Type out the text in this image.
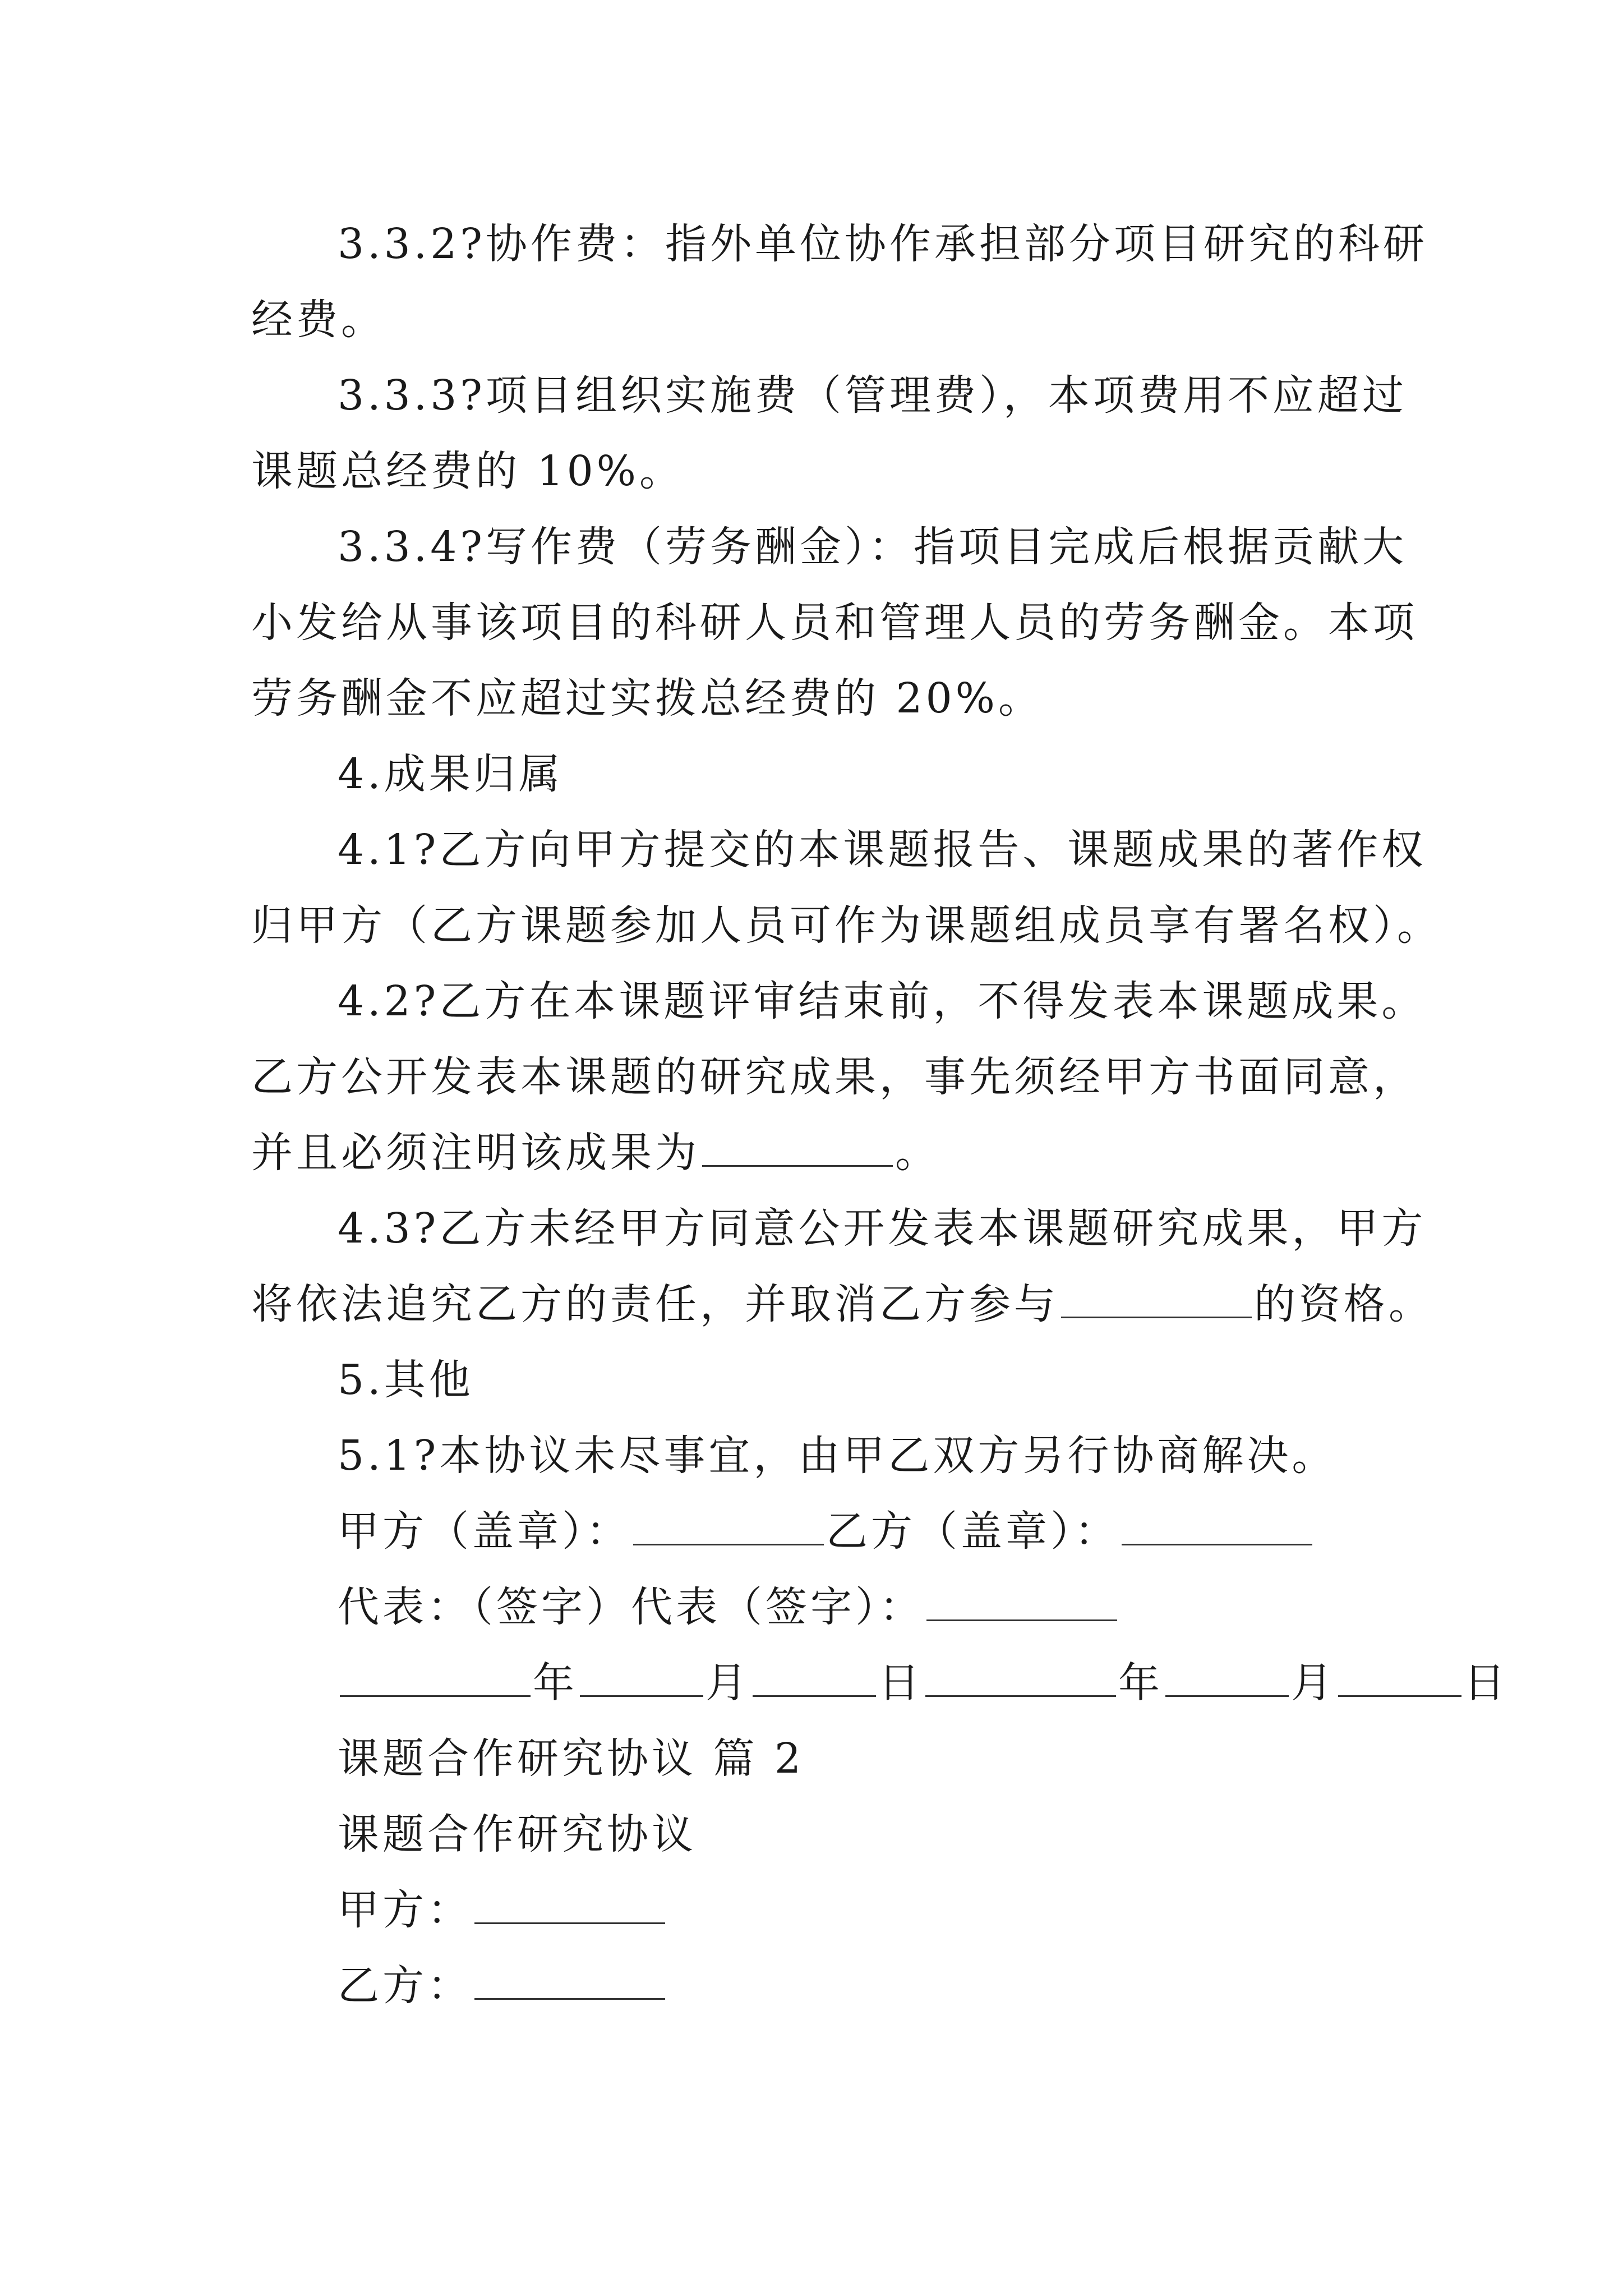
3.3.2?协作费：指外单位协作承担部分项目研究的科研
经费。
3.3.3?项目组织实施费（管理费），本项费用不应超过
课题总经费的 10%。
3.3.4?写作费（劳务酬金）：指项目完成后根据贡献大
小发给从事该项目的科研人员和管理人员的劳务酬金。本项
劳务酬金不应超过实拨总经费的 20%。
4.成果归属
4.1?乙方向甲方提交的本课题报告、课题成果的著作权
归甲方（乙方课题参加人员可作为课题组成员享有署名权）。
4.2?乙方在本课题评审结束前，不得发表本课题成果。
乙方公开发表本课题的研究成果，事先须经甲方书面同意，
并且必须注明该成果为	。
4.3?乙方未经甲方同意公开发表本课题研究成果，甲方
将依法追究乙方的责任，并取消乙方参与	的资格。
5.其他
5.1?本协议未尽事宜，由甲乙双方另行协商解决。
甲方（盖章）：	乙方（盖章）：
代表：（签字）代表（签字）：
年	月	日	年	月	日
课题合作研究协议 篇 2
课题合作研究协议
甲方：
乙方：
